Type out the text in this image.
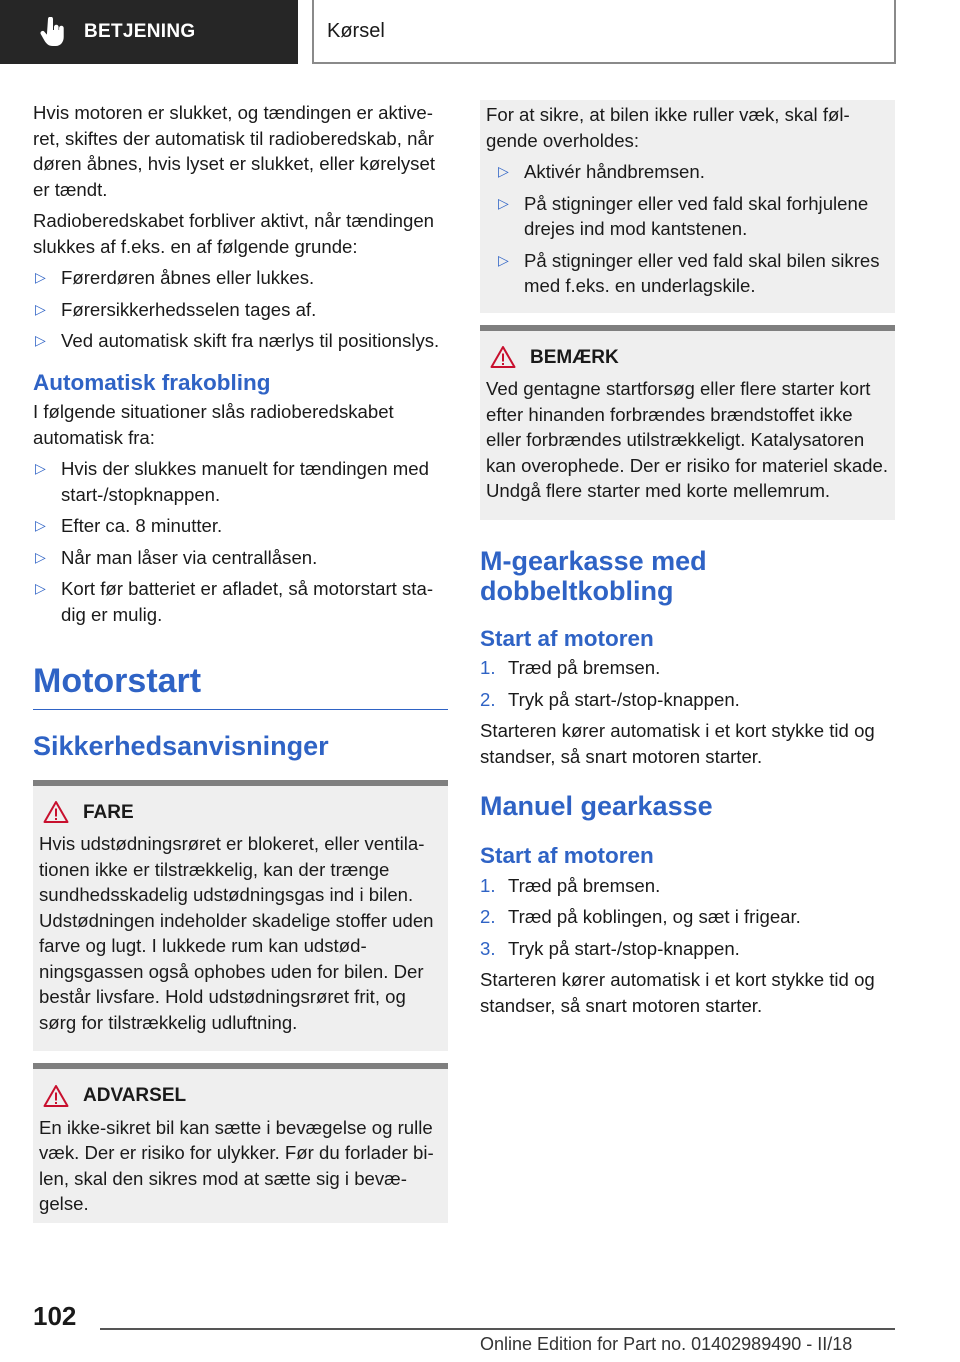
BETJENING	Kørsel

Hvis motoren er slukket, og tændingen er aktiveret, skiftes der automatisk til radioberedskab, når døren åbnes, hvis lyset er slukket, eller kørelyset er tændt.

Radioberedskabet forbliver aktivt, når tændingen slukkes af f.eks. en af følgende grunde:

▷ Førerdøren åbnes eller lukkes.
▷ Førersikkerhedsselen tages af.
▷ Ved automatisk skift fra nærlys til positionslys.
Automatisk frakobling

I følgende situationer slås radioberedskabet automatisk fra:

▷ Hvis der slukkes manuelt for tændingen med start-/stopknappen.
▷ Efter ca. 8 minutter.
▷ Når man låser via centrallåsen.
▷ Kort før batteriet er afladet, så motorstart stadig er mulig.
Motorstart
Sikkerhedsanvisninger
FARE

Hvis udstødningsrøret er blokeret, eller ventilationen ikke er tilstrækkelig, kan der trænge sundhedsskadelig udstødningsgas ind i bilen. Udstødningen indeholder skadelige stoffer uden farve og lugt. I lukkede rum kan udstødningsgassen også ophobes uden for bilen. Der består livsfare. Hold udstødningsrøret frit, og sørg for tilstrækkelig udluftning.

ADVARSEL

En ikke-sikret bil kan sætte i bevægelse og rulle væk. Der er risiko for ulykker. Før du forlader bilen, skal den sikres mod at sætte sig i bevægelse.

For at sikre, at bilen ikke ruller væk, skal følgende overholdes:

▷ Aktivér håndbremsen.
▷ På stigninger eller ved fald skal forhjulene drejes ind mod kantstenen.
▷ På stigninger eller ved fald skal bilen sikres med f.eks. en underlagskile.
BEMÆRK

Ved gentagne startforsøg eller flere starter kort efter hinanden forbrændes brændstoffet ikke eller forbrændes utilstrækkeligt. Katalysatoren kan overophede. Der er risiko for materiel skade. Undgå flere starter med korte mellemrum.

M-gearkasse med dobbeltkobling
Start af motoren
1. Træd på bremsen.
2. Tryk på start-/stop-knappen.

Starteren kører automatisk i et kort stykke tid og standser, så snart motoren starter.

Manuel gearkasse
Start af motoren
1. Træd på bremsen.
2. Træd på koblingen, og sæt i frigear.
3. Tryk på start-/stop-knappen.

Starteren kører automatisk i et kort stykke tid og standser, så snart motoren starter.

102
Online Edition for Part no. 01402989490 - II/18
